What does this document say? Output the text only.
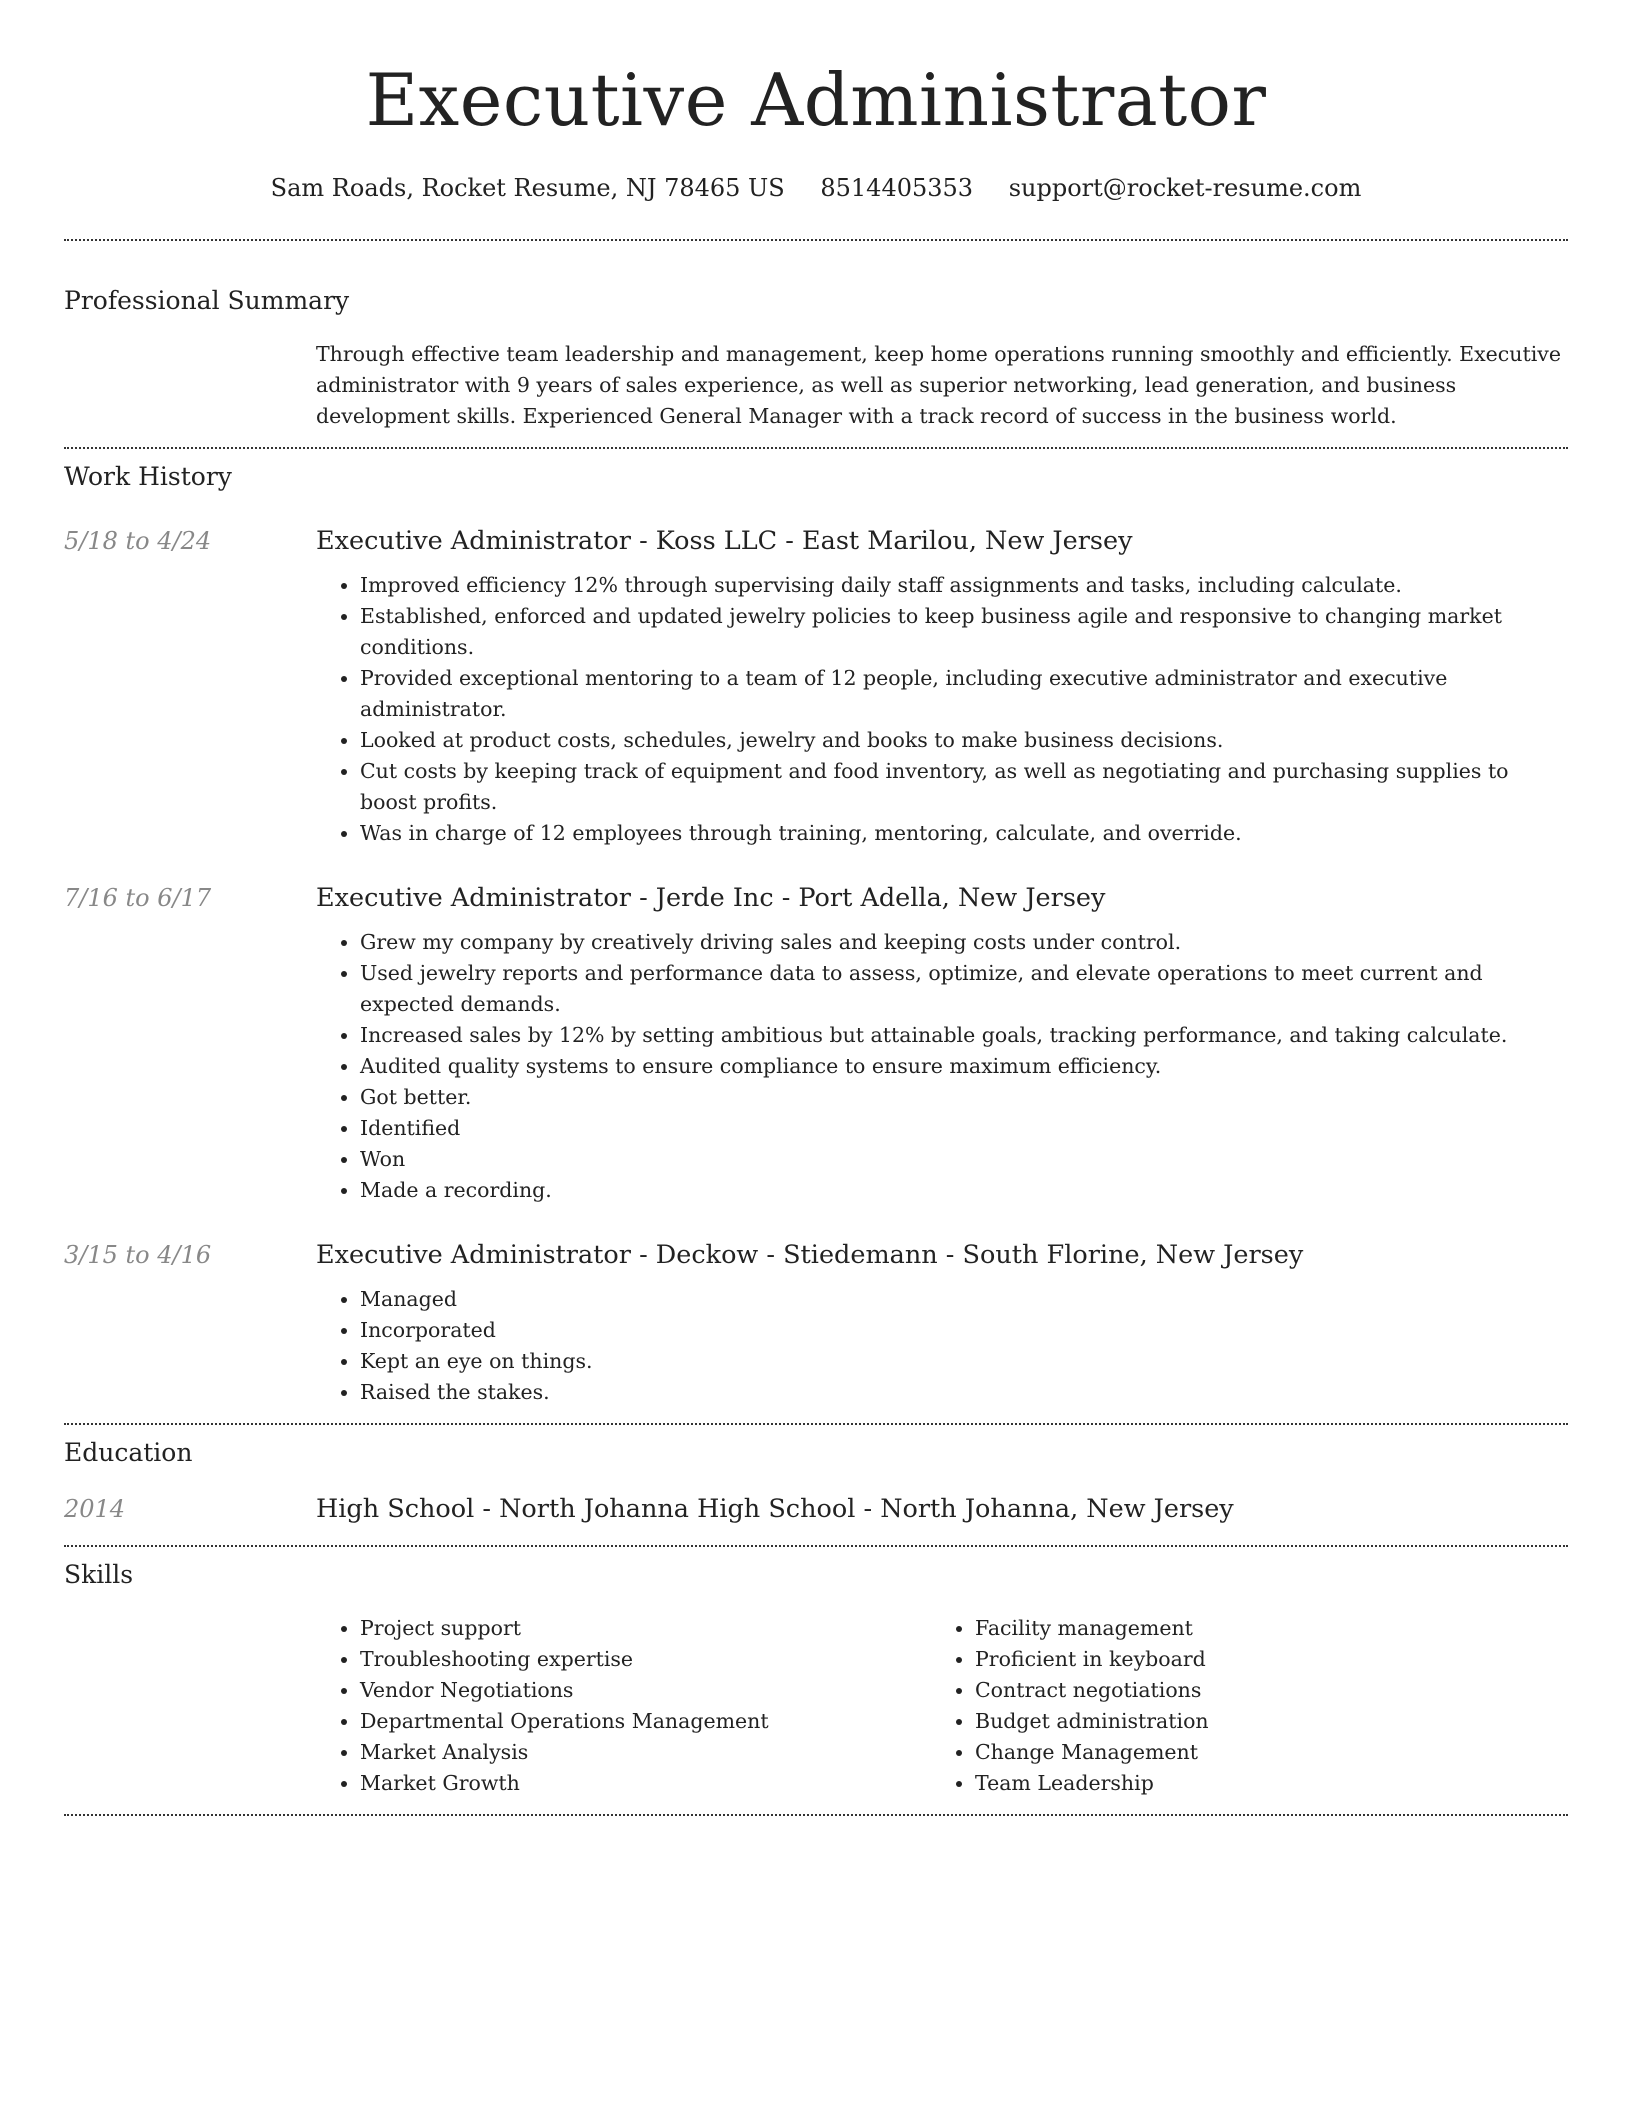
Executive Administrator
Sam Roads, Rocket Resume, NJ 78465 US 8514405353 support@rocket-resume.com
Professional Summary

Through effective team leadership and management, keep home operations running smoothly and efficiently. Executive administrator with 9 years of sales experience, as well as superior networking, lead generation, and business development skills. Experienced General Manager with a track record of success in the business world.

Work History
5/18 to 4/24	Executive Administrator - Koss LLC - East Marilou, New Jersey
• Improved efficiency 12% through supervising daily staff assignments and tasks, including calculate.
• Established, enforced and updated jewelry policies to keep business agile and responsive to changing market conditions.
• Provided exceptional mentoring to a team of 12 people, including executive administrator and executive administrator.
• Looked at product costs, schedules, jewelry and books to make business decisions.
• Cut costs by keeping track of equipment and food inventory, as well as negotiating and purchasing supplies to boost profits.
• Was in charge of 12 employees through training, mentoring, calculate, and override.
7/16 to 6/17	Executive Administrator - Jerde Inc - Port Adella, New Jersey
• Grew my company by creatively driving sales and keeping costs under control.
• Used jewelry reports and performance data to assess, optimize, and elevate operations to meet current and expected demands.
• Increased sales by 12% by setting ambitious but attainable goals, tracking performance, and taking calculate.
• Audited quality systems to ensure compliance to ensure maximum efficiency.
• Got better.
• Identified
• Won
• Made a recording.
3/15 to 4/16	Executive Administrator - Deckow - Stiedemann - South Florine, New Jersey
• Managed
• Incorporated
• Kept an eye on things.
• Raised the stakes.
Education
2014	High School - North Johanna High School - North Johanna, New Jersey
Skills
• Project support
• Troubleshooting expertise
• Vendor Negotiations
• Departmental Operations Management
• Market Analysis
• Market Growth
• Facility management
• Proficient in keyboard
• Contract negotiations
• Budget administration
• Change Management
• Team Leadership
